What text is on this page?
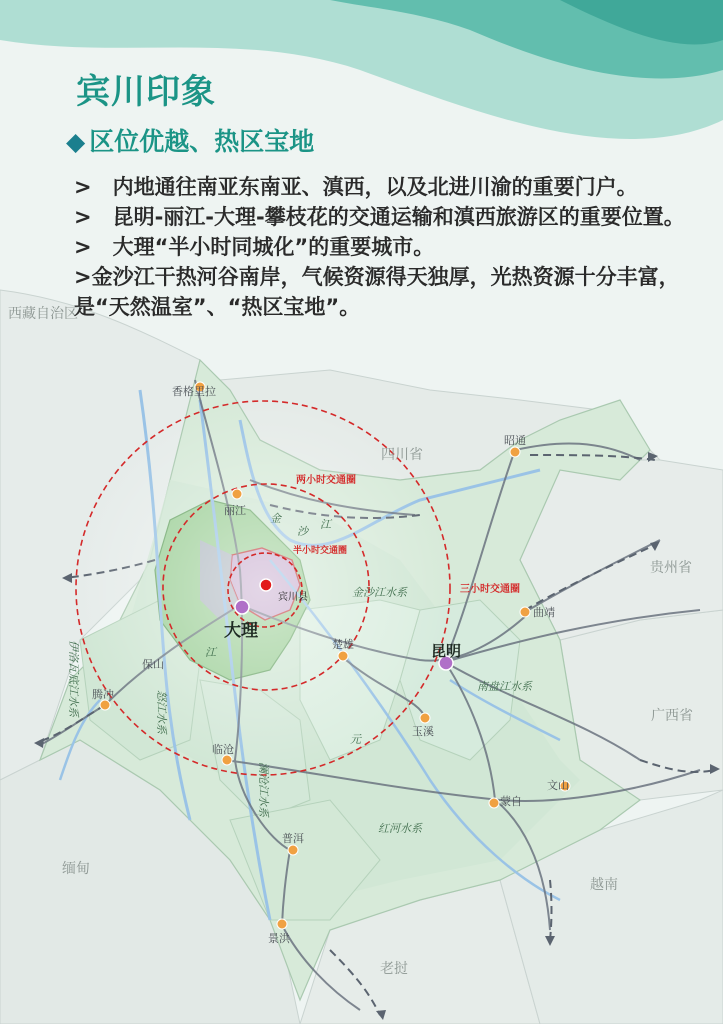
两小时交通圈
半小时交通圈
三小时交通圈
香格里拉
丽江
昭通
曲靖
楚雄
保山
临沧
普洱
玉溪
蒙自
文山
景洪
腾冲
宾川县
大理
昆明
西藏自治区
四川省
贵州省
广西省
缅甸
越南
老挝
金
沙
江
金沙江水系
南盘江水系
红河水系
元
江
澜沧江水系
怒江水系
伊洛瓦底江水系
宾川印象
◆ 区位优越、热区宝地

>　内地通往南亚东南亚、滇西，以及北进川渝的重要门户。

>　昆明-丽江-大理-攀枝花的交通运输和滇西旅游区的重要位置。

>　大理“半小时同城化”的重要城市。

>金沙江干热河谷南岸，气候资源得天独厚，光热资源十分丰富，是“天然温室”、“热区宝地”。
